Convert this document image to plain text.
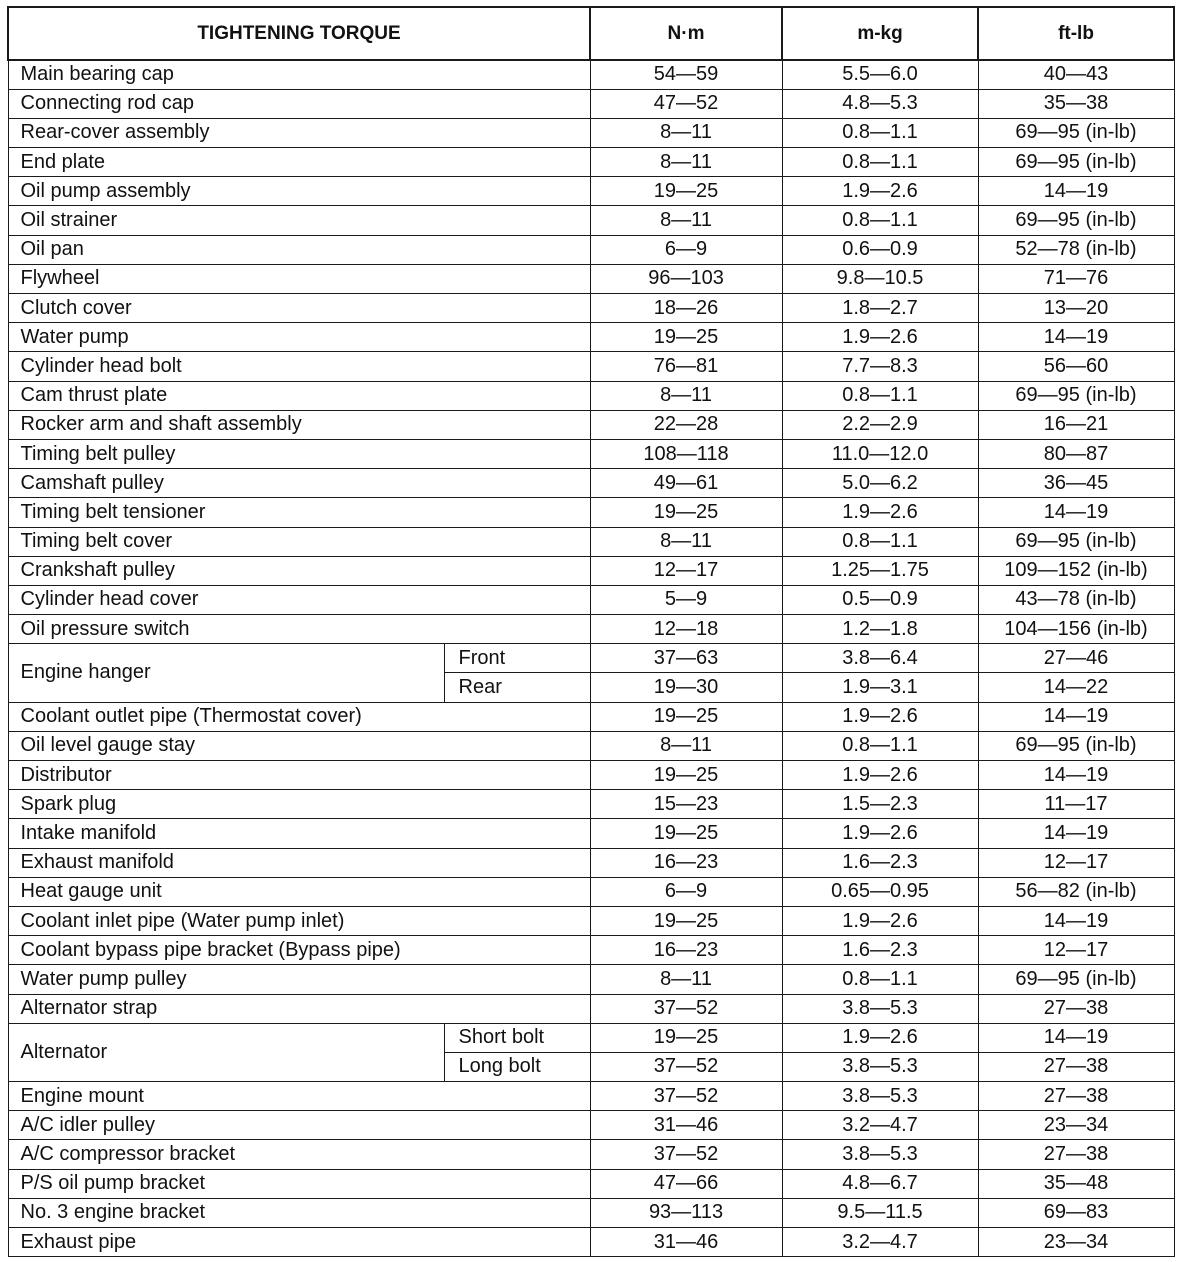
TIGHTENING TORQUE		N·m	m-kg	ft-lb
Main bearing cap		54—59	5.5—6.0	40—43
Connecting rod cap		47—52	4.8—5.3	35—38
Rear-cover assembly		8—11	0.8—1.1	69—95 (in-lb)
End plate		8—11	0.8—1.1	69—95 (in-lb)
Oil pump assembly		19—25	1.9—2.6	14—19
Oil strainer		8—11	0.8—1.1	69—95 (in-lb)
Oil pan		6—9	0.6—0.9	52—78 (in-lb)
Flywheel		96—103	9.8—10.5	71—76
Clutch cover		18—26	1.8—2.7	13—20
Water pump		19—25	1.9—2.6	14—19
Cylinder head bolt		76—81	7.7—8.3	56—60
Cam thrust plate		8—11	0.8—1.1	69—95 (in-lb)
Rocker arm and shaft assembly		22—28	2.2—2.9	16—21
Timing belt pulley		108—118	11.0—12.0	80—87
Camshaft pulley		49—61	5.0—6.2	36—45
Timing belt tensioner		19—25	1.9—2.6	14—19
Timing belt cover		8—11	0.8—1.1	69—95 (in-lb)
Crankshaft pulley		12—17	1.25—1.75	109—152 (in-lb)
Cylinder head cover		5—9	0.5—0.9	43—78 (in-lb)
Oil pressure switch		12—18	1.2—1.8	104—156 (in-lb)
Engine hanger	Front	37—63	3.8—6.4	27—46
	Rear	19—30	1.9—3.1	14—22
Coolant outlet pipe (Thermostat cover)		19—25	1.9—2.6	14—19
Oil level gauge stay		8—11	0.8—1.1	69—95 (in-lb)
Distributor		19—25	1.9—2.6	14—19
Spark plug		15—23	1.5—2.3	11—17
Intake manifold		19—25	1.9—2.6	14—19
Exhaust manifold		16—23	1.6—2.3	12—17
Heat gauge unit		6—9	0.65—0.95	56—82 (in-lb)
Coolant inlet pipe (Water pump inlet)		19—25	1.9—2.6	14—19
Coolant bypass pipe bracket (Bypass pipe)		16—23	1.6—2.3	12—17
Water pump pulley		8—11	0.8—1.1	69—95 (in-lb)
Alternator strap		37—52	3.8—5.3	27—38
Alternator	Short bolt	19—25	1.9—2.6	14—19
	Long bolt	37—52	3.8—5.3	27—38
Engine mount		37—52	3.8—5.3	27—38
A/C idler pulley		31—46	3.2—4.7	23—34
A/C compressor bracket		37—52	3.8—5.3	27—38
P/S oil pump bracket		47—66	4.8—6.7	35—48
No. 3 engine bracket		93—113	9.5—11.5	69—83
Exhaust pipe		31—46	3.2—4.7	23—34
